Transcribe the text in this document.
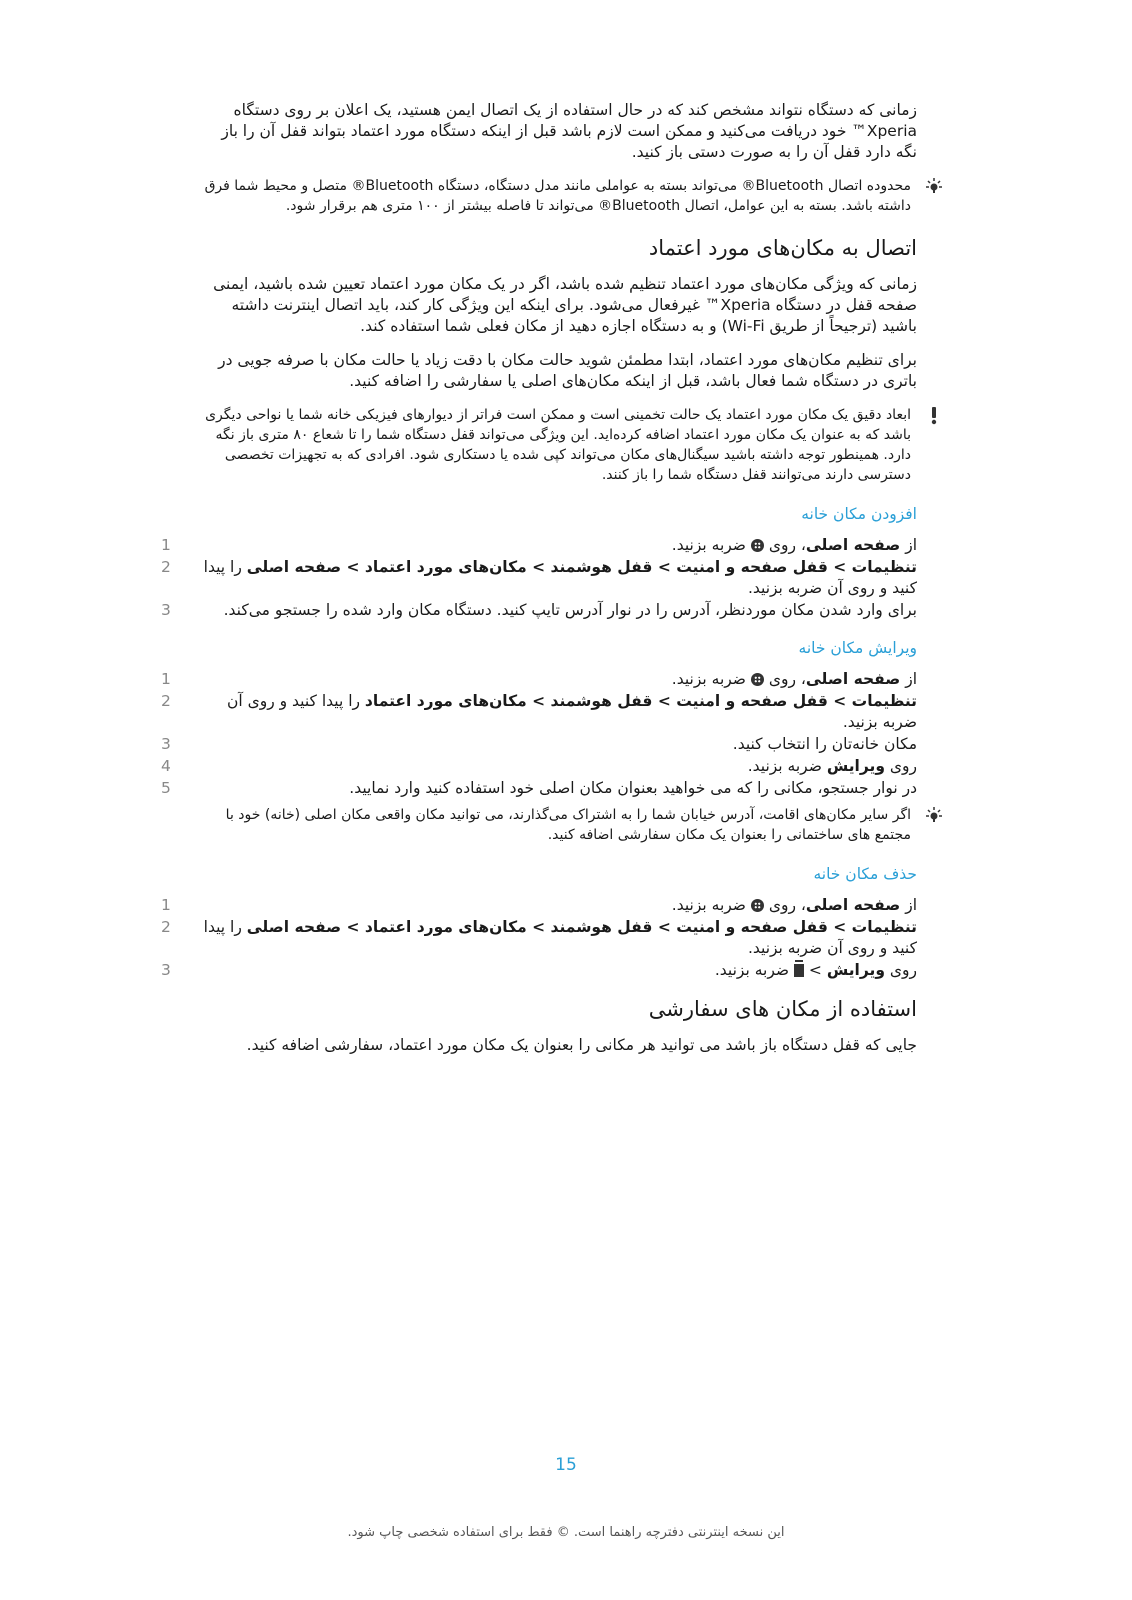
زمانی که دستگاه نتواند مشخص کند که در حال استفاده از یک اتصال ایمن هستید، یک اعلان بر روی دستگاه Xperia™ خود دریافت می‌کنید و ممکن است لازم باشد قبل از اینکه دستگاه مورد اعتماد بتواند قفل آن را باز نگه دارد قفل آن را به صورت دستی باز کنید.

محدوده اتصال Bluetooth® می‌تواند بسته به عواملی مانند مدل دستگاه، دستگاه Bluetooth® متصل و محیط شما فرق داشته باشد. بسته به این عوامل، اتصال Bluetooth® می‌تواند تا فاصله بیشتر از ۱۰۰ متری هم برقرار شود.
اتصال به مکان‌های مورد اعتماد

زمانی که ویژگی مکان‌های مورد اعتماد تنظیم شده باشد، اگر در یک مکان مورد اعتماد تعیین شده باشید، ایمنی صفحه قفل در دستگاه Xperia™ غیرفعال می‌شود. برای اینکه این ویژگی کار کند، باید اتصال اینترنت داشته باشید (ترجیحاً از طریق Wi-Fi) و به دستگاه اجازه دهید از مکان فعلی شما استفاده کند.

برای تنظیم مکان‌های مورد اعتماد، ابتدا مطمئن شوید حالت مکان با دقت زیاد یا حالت مکان با صرفه جویی در باتری در دستگاه شما فعال باشد، قبل از اینکه مکان‌های اصلی یا سفارشی را اضافه کنید.

ابعاد دقیق یک مکان مورد اعتماد یک حالت تخمینی است و ممکن است فراتر از دیوارهای فیزیکی خانه شما یا نواحی دیگری باشد که به عنوان یک مکان مورد اعتماد اضافه کرده‌اید. این ویژگی می‌تواند قفل دستگاه شما را تا شعاع ۸۰ متری باز نگه دارد. همینطور توجه داشته باشید سیگنال‌های مکان می‌تواند کپی شده یا دستکاری شود. افرادی که به تجهیزات تخصصی دسترسی دارند می‌توانند قفل دستگاه شما را باز کنند.
افزودن مکان خانه
1	از صفحه اصلی، روی  ضربه بزنید.
2	تنظیمات > قفل صفحه و امنیت > قفل هوشمند > مکان‌های مورد اعتماد > صفحه اصلی را پیدا کنید و روی آن ضربه بزنید.
3	برای وارد شدن مکان موردنظر، آدرس را در نوار آدرس تایپ کنید. دستگاه مکان وارد شده را جستجو می‌کند.
ویرایش مکان خانه
1	از صفحه اصلی، روی  ضربه بزنید.
2	تنظیمات > قفل صفحه و امنیت > قفل هوشمند > مکان‌های مورد اعتماد را پیدا کنید و روی آن ضربه بزنید.
3	مکان خانه‌تان را انتخاب کنید.
4	روی ویرایش ضربه بزنید.
5	در نوار جستجو، مکانی را که می خواهید بعنوان مکان اصلی خود استفاده کنید وارد نمایید.
اگر سایر مکان‌های اقامت، آدرس خیابان شما را به اشتراک می‌گذارند، می توانید مکان واقعی مکان اصلی (خانه) خود با مجتمع های ساختمانی را بعنوان یک مکان سفارشی اضافه کنید.
حذف مکان خانه
1	از صفحه اصلی، روی  ضربه بزنید.
2	تنظیمات > قفل صفحه و امنیت > قفل هوشمند > مکان‌های مورد اعتماد > صفحه اصلی را پیدا کنید و روی آن ضربه بزنید.
3	روی ویرایش >  ضربه بزنید.
استفاده از مکان های سفارشی

جایی که قفل دستگاه باز باشد می توانید هر مکانی را بعنوان یک مکان مورد اعتماد، سفارشی اضافه کنید.

15
این نسخه اینترنتی دفترچه راهنما است. © فقط برای استفاده شخصی چاپ شود.
